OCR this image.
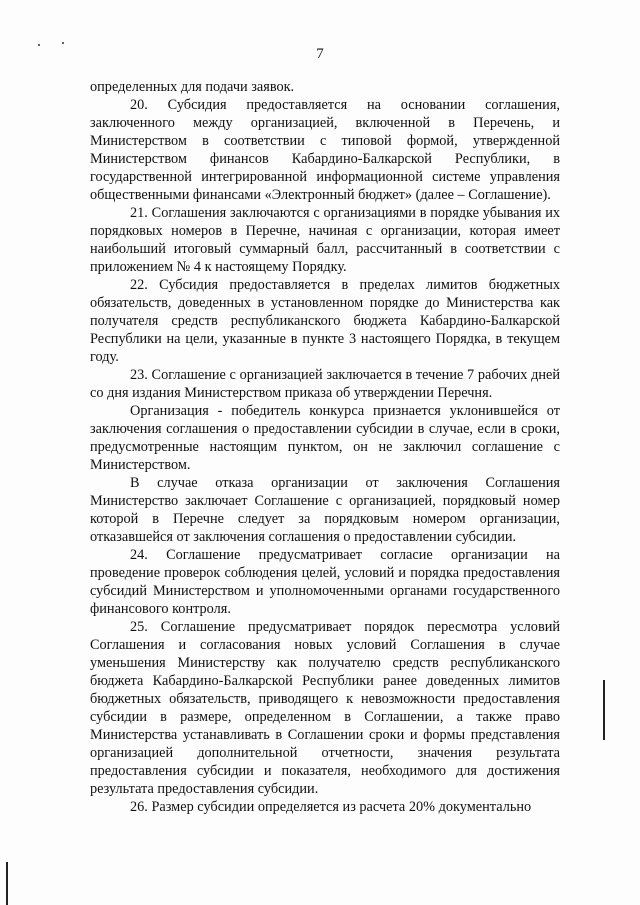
7

определенных для подачи заявок.

20. Субсидия предоставляется на основании соглашения, заключенного между организацией, включенной в Перечень, и Министерством в соответствии с типовой формой, утвержденной Министерством финансов Кабардино-Балкарской Республики, в государственной интегрированной информационной системе управления общественными финансами «Электронный бюджет» (далее – Соглашение).

21. Соглашения заключаются с организациями в порядке убывания их порядковых номеров в Перечне, начиная с организации, которая имеет наибольший итоговый суммарный балл, рассчитанный в соответствии с приложением № 4 к настоящему Порядку.

22. Субсидия предоставляется в пределах лимитов бюджетных обязательств, доведенных в установленном порядке до Министерства как получателя средств республиканского бюджета Кабардино-Балкарской Республики на цели, указанные в пункте 3 настоящего Порядка, в текущем году.

23. Соглашение с организацией заключается в течение 7 рабочих дней со дня издания Министерством приказа об утверждении Перечня.

Организация - победитель конкурса признается уклонившейся от заключения соглашения о предоставлении субсидии в случае, если в сроки, предусмотренные настоящим пунктом, он не заключил соглашение с Министерством.

В случае отказа организации от заключения Соглашения Министерство заключает Соглашение с организацией, порядковый номер которой в Перечне следует за порядковым номером организации, отказавшейся от заключения соглашения о предоставлении субсидии.

24. Соглашение предусматривает согласие организации на проведение проверок соблюдения целей, условий и порядка предоставления субсидий Министерством и уполномоченными органами государственного финансового контроля.

25. Соглашение предусматривает порядок пересмотра условий Соглашения и согласования новых условий Соглашения в случае уменьшения Министерству как получателю средств республиканского бюджета Кабардино-Балкарской Республики ранее доведенных лимитов бюджетных обязательств, приводящего к невозможности предоставления субсидии в размере, определенном в Соглашении, а также право Министерства устанавливать в Соглашении сроки и формы представления организацией дополнительной отчетности, значения результата предоставления субсидии и показателя, необходимого для достижения результата предоставления субсидии.

26. Размер субсидии определяется из расчета 20% документально
